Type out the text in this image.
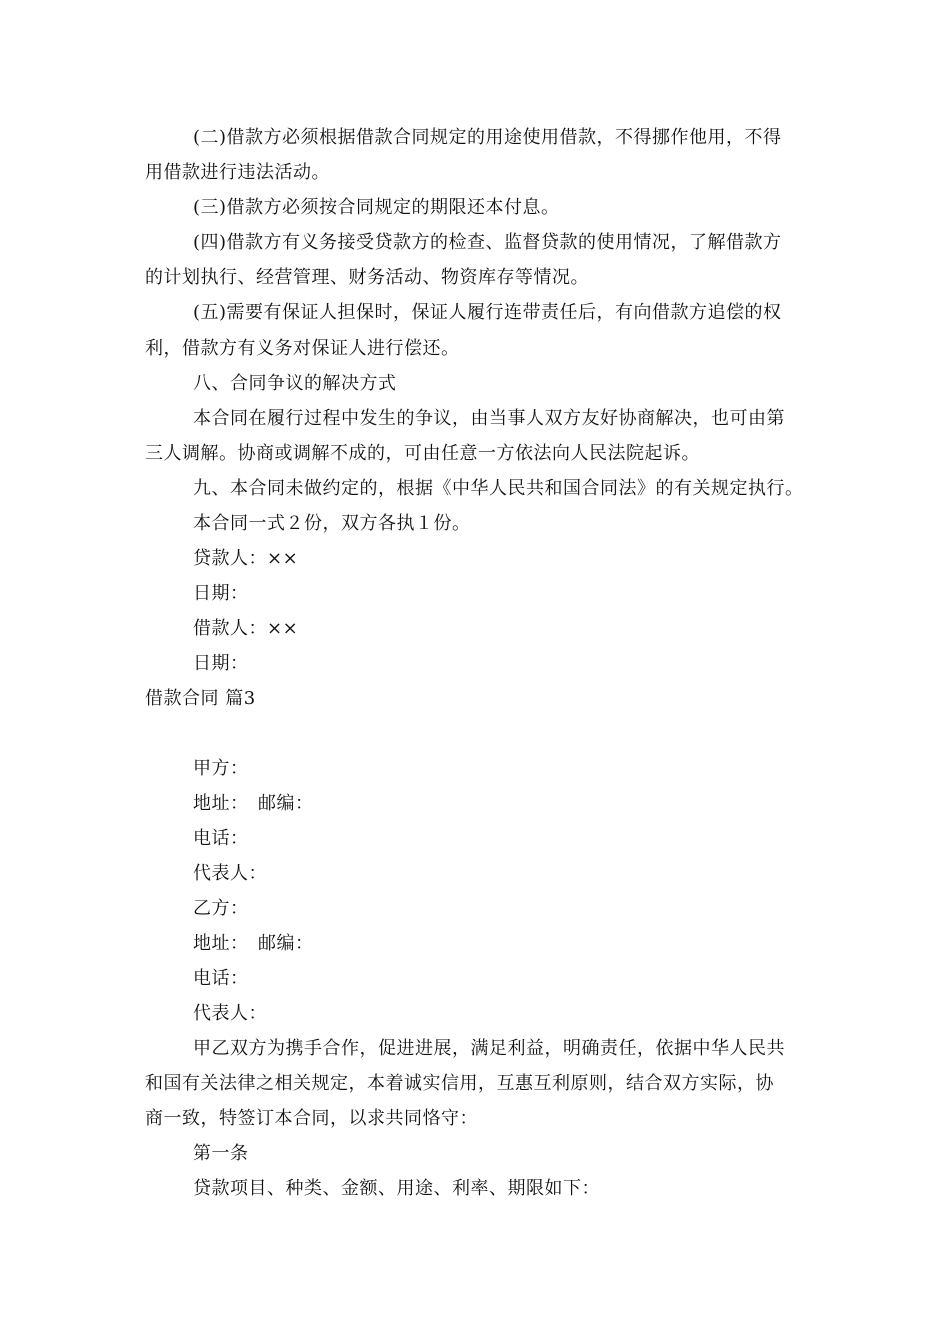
(二)借款方必须根据借款合同规定的用途使用借款，不得挪作他用，不得
用借款进行违法活动。
(三)借款方必须按合同规定的期限还本付息。
(四)借款方有义务接受贷款方的检查、监督贷款的使用情况，了解借款方
的计划执行、经营管理、财务活动、物资库存等情况。
(五)需要有保证人担保时，保证人履行连带责任后，有向借款方追偿的权
利，借款方有义务对保证人进行偿还。
八、合同争议的解决方式
本合同在履行过程中发生的争议，由当事人双方友好协商解决，也可由第
三人调解。协商或调解不成的，可由任意一方依法向人民法院起诉。
九、本合同未做约定的，根据《中华人民共和国合同法》的有关规定执行。
本合同一式２份，双方各执１份。
贷款人：××
日期：
借款人：××
日期：
借款合同 篇3
甲方：
地址：　邮编：
电话：
代表人：
乙方：
地址：　邮编：
电话：
代表人：
甲乙双方为携手合作，促进进展，满足利益，明确责任，依据中华人民共
和国有关法律之相关规定，本着诚实信用，互惠互利原则，结合双方实际，协
商一致，特签订本合同，以求共同恪守：
第一条
贷款项目、种类、金额、用途、利率、期限如下：
